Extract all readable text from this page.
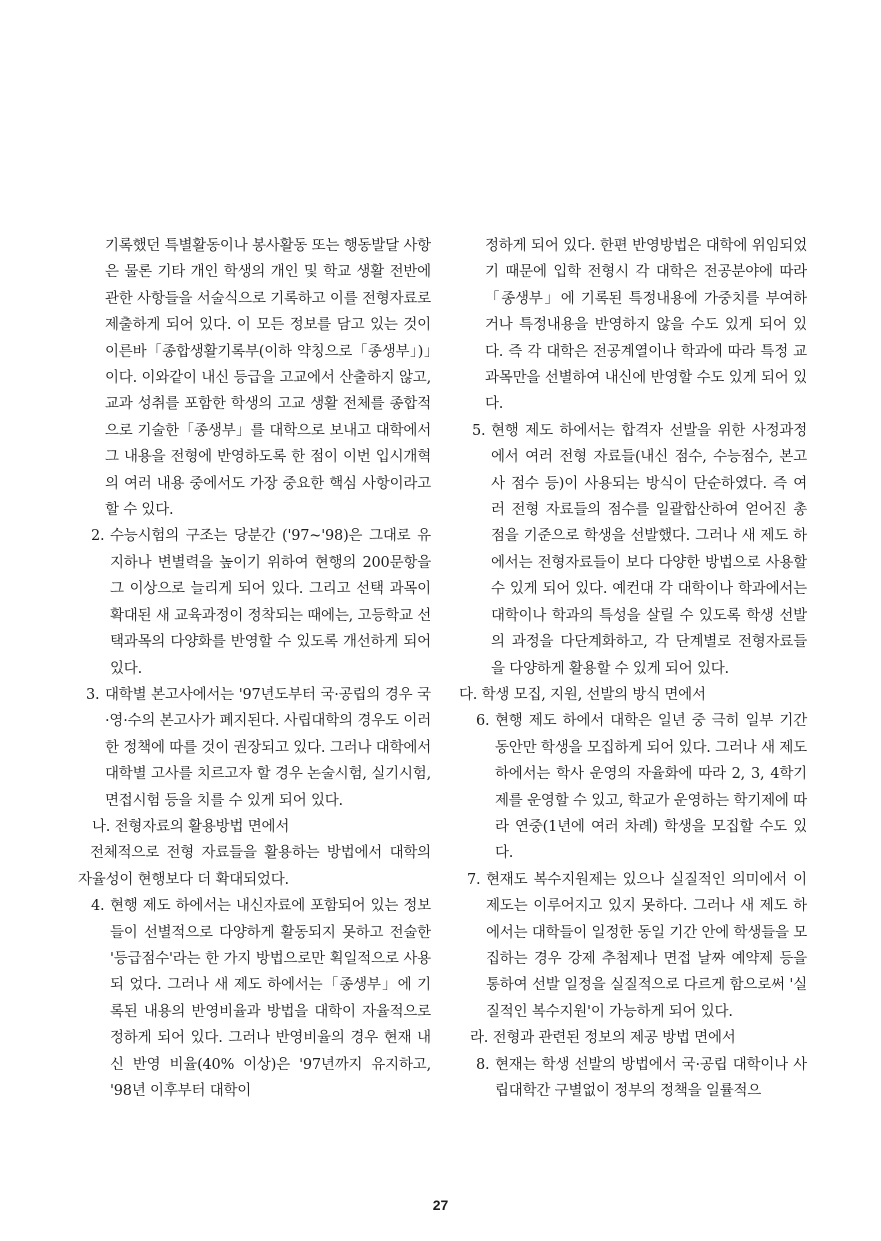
기록했던 특별활동이나 봉사활동 또는 행동발달 사항은 물론 기타 개인 학생의 개인 및 학교 생활 전반에 관한 사항들을 서술식으로 기록하고 이를 전형자료로 제출하게 되어 있다. 이 모든 정보를 담고 있는 것이 이른바「종합생활기록부(이하 약칭으로「종생부」)」이다. 이와같이 내신 등급을 고교에서 산출하지 않고, 교과 성취를 포함한 학생의 고교 생활 전체를 종합적으로 기술한「종생부」를 대학으로 보내고 대학에서 그 내용을 전형에 반영하도록 한 점이 이번 입시개혁의 여러 내용 중에서도 가장 중요한 핵심 사항이라고 할 수 있다.
2. 수능시험의 구조는 당분간 ('97~'98)은 그대로 유지하나 변별력을 높이기 위하여 현행의 200문항을 그 이상으로 늘리게 되어 있다. 그리고 선택 과목이 확대된 새 교육과정이 정착되는 때에는, 고등학교 선택과목의 다양화를 반영할 수 있도록 개선하게 되어 있다.
3. 대학별 본고사에서는 '97년도부터 국·공립의 경우 국·영·수의 본고사가 폐지된다. 사립대학의 경우도 이러한 정책에 따를 것이 권장되고 있다. 그러나 대학에서 대학별 고사를 치르고자 할 경우 논술시험, 실기시험, 면접시험 등을 치를 수 있게 되어 있다.
나. 전형자료의 활용방법 면에서
전체적으로 전형 자료들을 활용하는 방법에서 대학의 자율성이 현행보다 더 확대되었다.
4. 현행 제도 하에서는 내신자료에 포함되어 있는 정보들이 선별적으로 다양하게 활동되지 못하고 전술한 '등급점수'라는 한 가지 방법으로만 획일적으로 사용되 었다. 그러나 새 제도 하에서는「종생부」에 기록된 내용의 반영비율과 방법을 대학이 자율적으로 정하게 되어 있다. 그러나 반영비율의 경우 현재 내신 반영 비율(40% 이상)은 '97년까지 유지하고, '98년 이후부터 대학이
정하게 되어 있다. 한편 반영방법은 대학에 위임되었기 때문에 입학 전형시 각 대학은 전공분야에 따라「종생부」에 기록된 특정내용에 가중치를 부여하거나 특정내용을 반영하지 않을 수도 있게 되어 있다. 즉 각 대학은 전공계열이나 학과에 따라 특정 교과목만을 선별하여 내신에 반영할 수도 있게 되어 있다.
5. 현행 제도 하에서는 합격자 선발을 위한 사정과정에서 여러 전형 자료들(내신 점수, 수능점수, 본고사 점수 등)이 사용되는 방식이 단순하였다. 즉 여러 전형 자료들의 점수를 일괄합산하여 얻어진 총점을 기준으로 학생을 선발했다. 그러나 새 제도 하에서는 전형자료들이 보다 다양한 방법으로 사용할 수 있게 되어 있다. 예컨대 각 대학이나 학과에서는 대학이나 학과의 특성을 살릴 수 있도록 학생 선발의 과정을 다단계화하고, 각 단계별로 전형자료들을 다양하게 활용할 수 있게 되어 있다.
다. 학생 모집, 지원, 선발의 방식 면에서
6. 현행 제도 하에서 대학은 일년 중 극히 일부 기간 동안만 학생을 모집하게 되어 있다. 그러나 새 제도 하에서는 학사 운영의 자율화에 따라 2, 3, 4학기제를 운영할 수 있고, 학교가 운영하는 학기제에 따라 연중(1년에 여러 차례) 학생을 모집할 수도 있다.
7. 현재도 복수지원제는 있으나 실질적인 의미에서 이 제도는 이루어지고 있지 못하다. 그러나 새 제도 하에서는 대학들이 일정한 동일 기간 안에 학생들을 모집하는 경우 강제 추첨제나 면접 날짜 예약제 등을 통하여 선발 일정을 실질적으로 다르게 함으로써 '실질적인 복수지원'이 가능하게 되어 있다.
라. 전형과 관련된 정보의 제공 방법 면에서
8. 현재는 학생 선발의 방법에서 국·공립 대학이나 사립대학간 구별없이 정부의 정책을 일률적으
27
